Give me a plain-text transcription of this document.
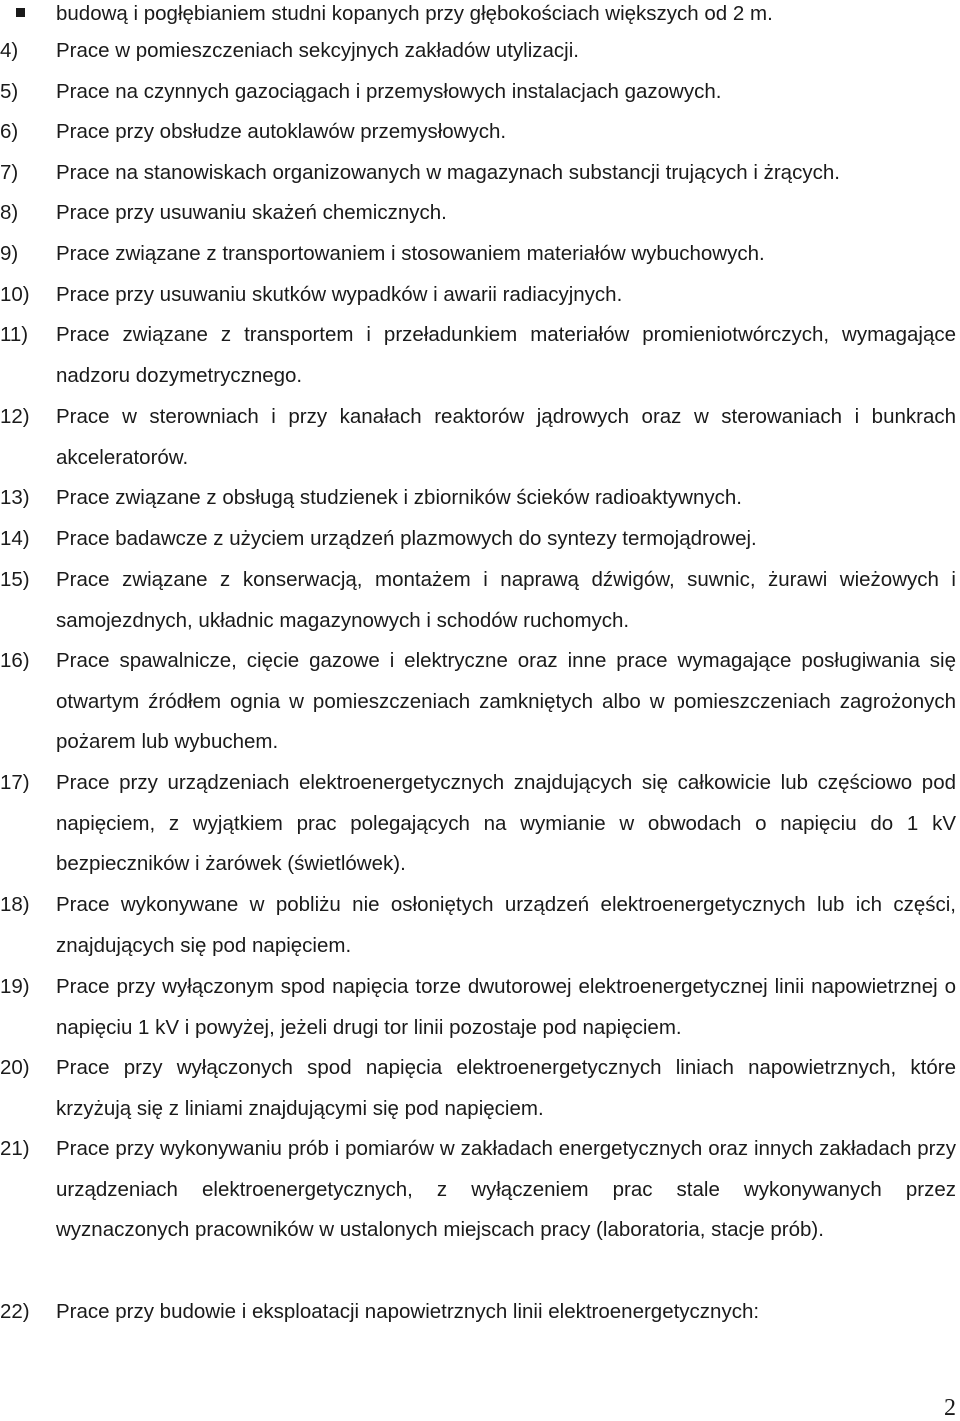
budową i pogłębianiem studni kopanych przy głębokościach większych od 2 m.
4) Prace w pomieszczeniach sekcyjnych zakładów utylizacji.
5) Prace na czynnych gazociągach i przemysłowych instalacjach gazowych.
6) Prace przy obsłudze autoklawów przemysłowych.
7) Prace na stanowiskach organizowanych w magazynach substancji trujących i żrących.
8) Prace przy usuwaniu skażeń chemicznych.
9) Prace związane z transportowaniem i stosowaniem materiałów wybuchowych.
10) Prace przy usuwaniu skutków wypadków i awarii radiacyjnych.
11) Prace związane z transportem i przeładunkiem materiałów promieniotwórczych, wymagające nadzoru dozymetrycznego.
12) Prace w sterowniach i przy kanałach reaktorów jądrowych oraz w sterowaniach i bunkrach akceleratorów.
13) Prace związane z obsługą studzienek i zbiorników ścieków radioaktywnych.
14) Prace badawcze z użyciem urządzeń plazmowych do syntezy termojądrowej.
15) Prace związane z konserwacją, montażem i naprawą dźwigów, suwnic, żurawi wieżowych i samojezdnych, układnic magazynowych i schodów ruchomych.
16) Prace spawalnicze, cięcie gazowe i elektryczne oraz inne prace wymagające posługiwania się otwartym źródłem ognia w pomieszczeniach zamkniętych albo w pomieszczeniach zagrożonych pożarem lub wybuchem.
17) Prace przy urządzeniach elektroenergetycznych znajdujących się całkowicie lub częściowo pod napięciem, z wyjątkiem prac polegających na wymianie w obwodach o napięciu do 1 kV bezpieczników i żarówek (świetlówek).
18) Prace wykonywane w pobliżu nie osłoniętych urządzeń elektroenergetycznych lub ich części, znajdujących się pod napięciem.
19) Prace przy wyłączonym spod napięcia torze dwutorowej elektroenergetycznej linii napowietrznej o napięciu 1 kV i powyżej, jeżeli drugi tor linii pozostaje pod napięciem.
20) Prace przy wyłączonych spod napięcia elektroenergetycznych liniach napowietrznych, które krzyżują się z liniami znajdującymi się pod napięciem.
21) Prace przy wykonywaniu prób i pomiarów w zakładach energetycznych oraz innych zakładach przy urządzeniach elektroenergetycznych, z wyłączeniem prac stale wykonywanych przez wyznaczonych pracowników w ustalonych miejscach pracy (laboratoria, stacje prób).
22) Prace przy budowie i eksploatacji napowietrznych linii elektroenergetycznych:
2
